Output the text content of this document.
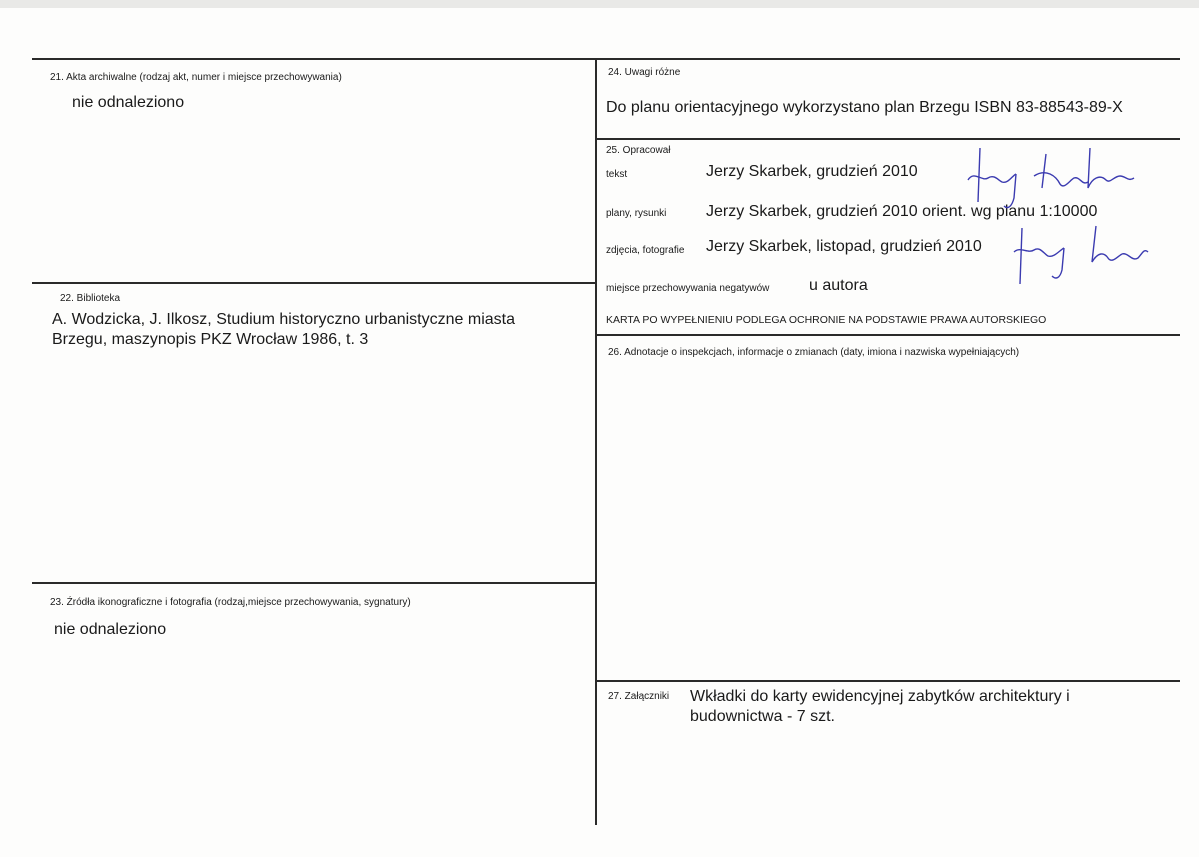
21. Akta archiwalne (rodzaj akt, numer i miejsce przechowywania)
nie odnaleziono
22. Biblioteka
A. Wodzicka, J. Ilkosz, Studium historyczno urbanistyczne miasta
Brzegu, maszynopis PKZ Wrocław 1986, t. 3
23. Źródła ikonograficzne i fotografia (rodzaj,miejsce przechowywania, sygnatury)
nie odnaleziono
24. Uwagi różne
Do planu orientacyjnego wykorzystano plan Brzegu ISBN 83-88543-89-X
25. Opracował
tekst	Jerzy Skarbek, grudzień 2010
plany, rysunki Jerzy Skarbek, grudzień 2010 orient. wg planu 1:10000
zdjęcia, fotografie Jerzy Skarbek, listopad, grudzień 2010
miejsce przechowywania negatywów u autora
KARTA PO WYPEŁNIENIU PODLEGA OCHRONIE NA PODSTAWIE PRAWA AUTORSKIEGO
26. Adnotacje o inspekcjach, informacje o zmianach (daty, imiona i nazwiska wypełniających)
27. Załączniki Wkładki do karty ewidencyjnej zabytków architektury i
budownictwa - 7 szt.
